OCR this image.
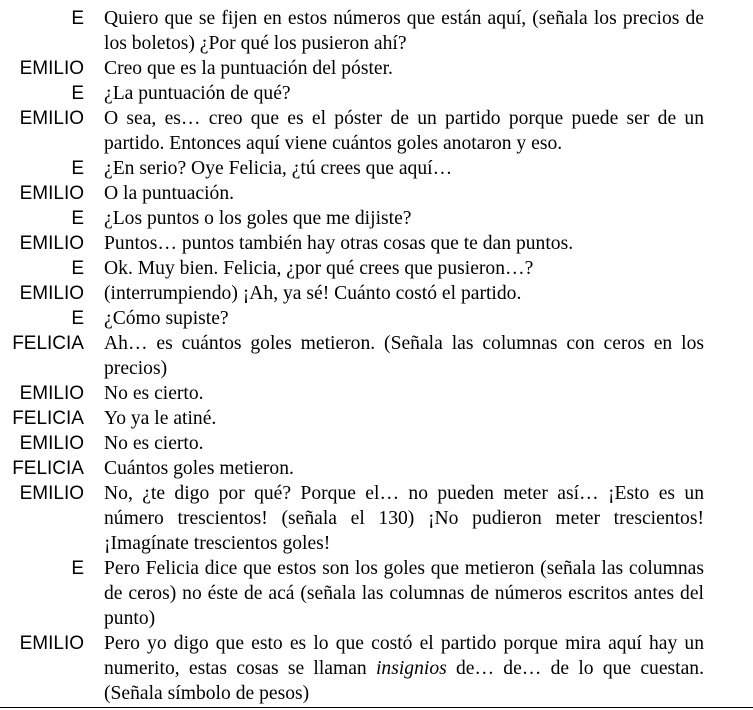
E	Quiero que se fijen en estos números que están aquí, (señala los precios de los boletos) ¿Por qué los pusieron ahí?
EMILIO	Creo que es la puntuación del póster.
E	¿La puntuación de qué?
EMILIO	O sea, es… creo que es el póster de un partido porque puede ser de un partido. Entonces aquí viene cuántos goles anotaron y eso.
E	¿En serio? Oye Felicia, ¿tú crees que aquí…
EMILIO	O la puntuación.
E	¿Los puntos o los goles que me dijiste?
EMILIO	Puntos… puntos también hay otras cosas que te dan puntos.
E	Ok. Muy bien. Felicia, ¿por qué crees que pusieron…?
EMILIO	(interrumpiendo) ¡Ah, ya sé! Cuánto costó el partido.
E	¿Cómo supiste?
FELICIA	Ah… es cuántos goles metieron. (Señala las columnas con ceros en los precios)
EMILIO	No es cierto.
FELICIA	Yo ya le atiné.
EMILIO	No es cierto.
FELICIA	Cuántos goles metieron.
EMILIO	No, ¿te digo por qué? Porque el… no pueden meter así… ¡Esto es un número trescientos! (señala el 130) ¡No pudieron meter trescientos! ¡Imagínate trescientos goles!
E	Pero Felicia dice que estos son los goles que metieron (señala las columnas de ceros) no éste de acá (señala las columnas de números escritos antes del punto)
EMILIO	Pero yo digo que esto es lo que costó el partido porque mira aquí hay un numerito, estas cosas se llaman insignios de… de… de lo que cuestan. (Señala símbolo de pesos)
